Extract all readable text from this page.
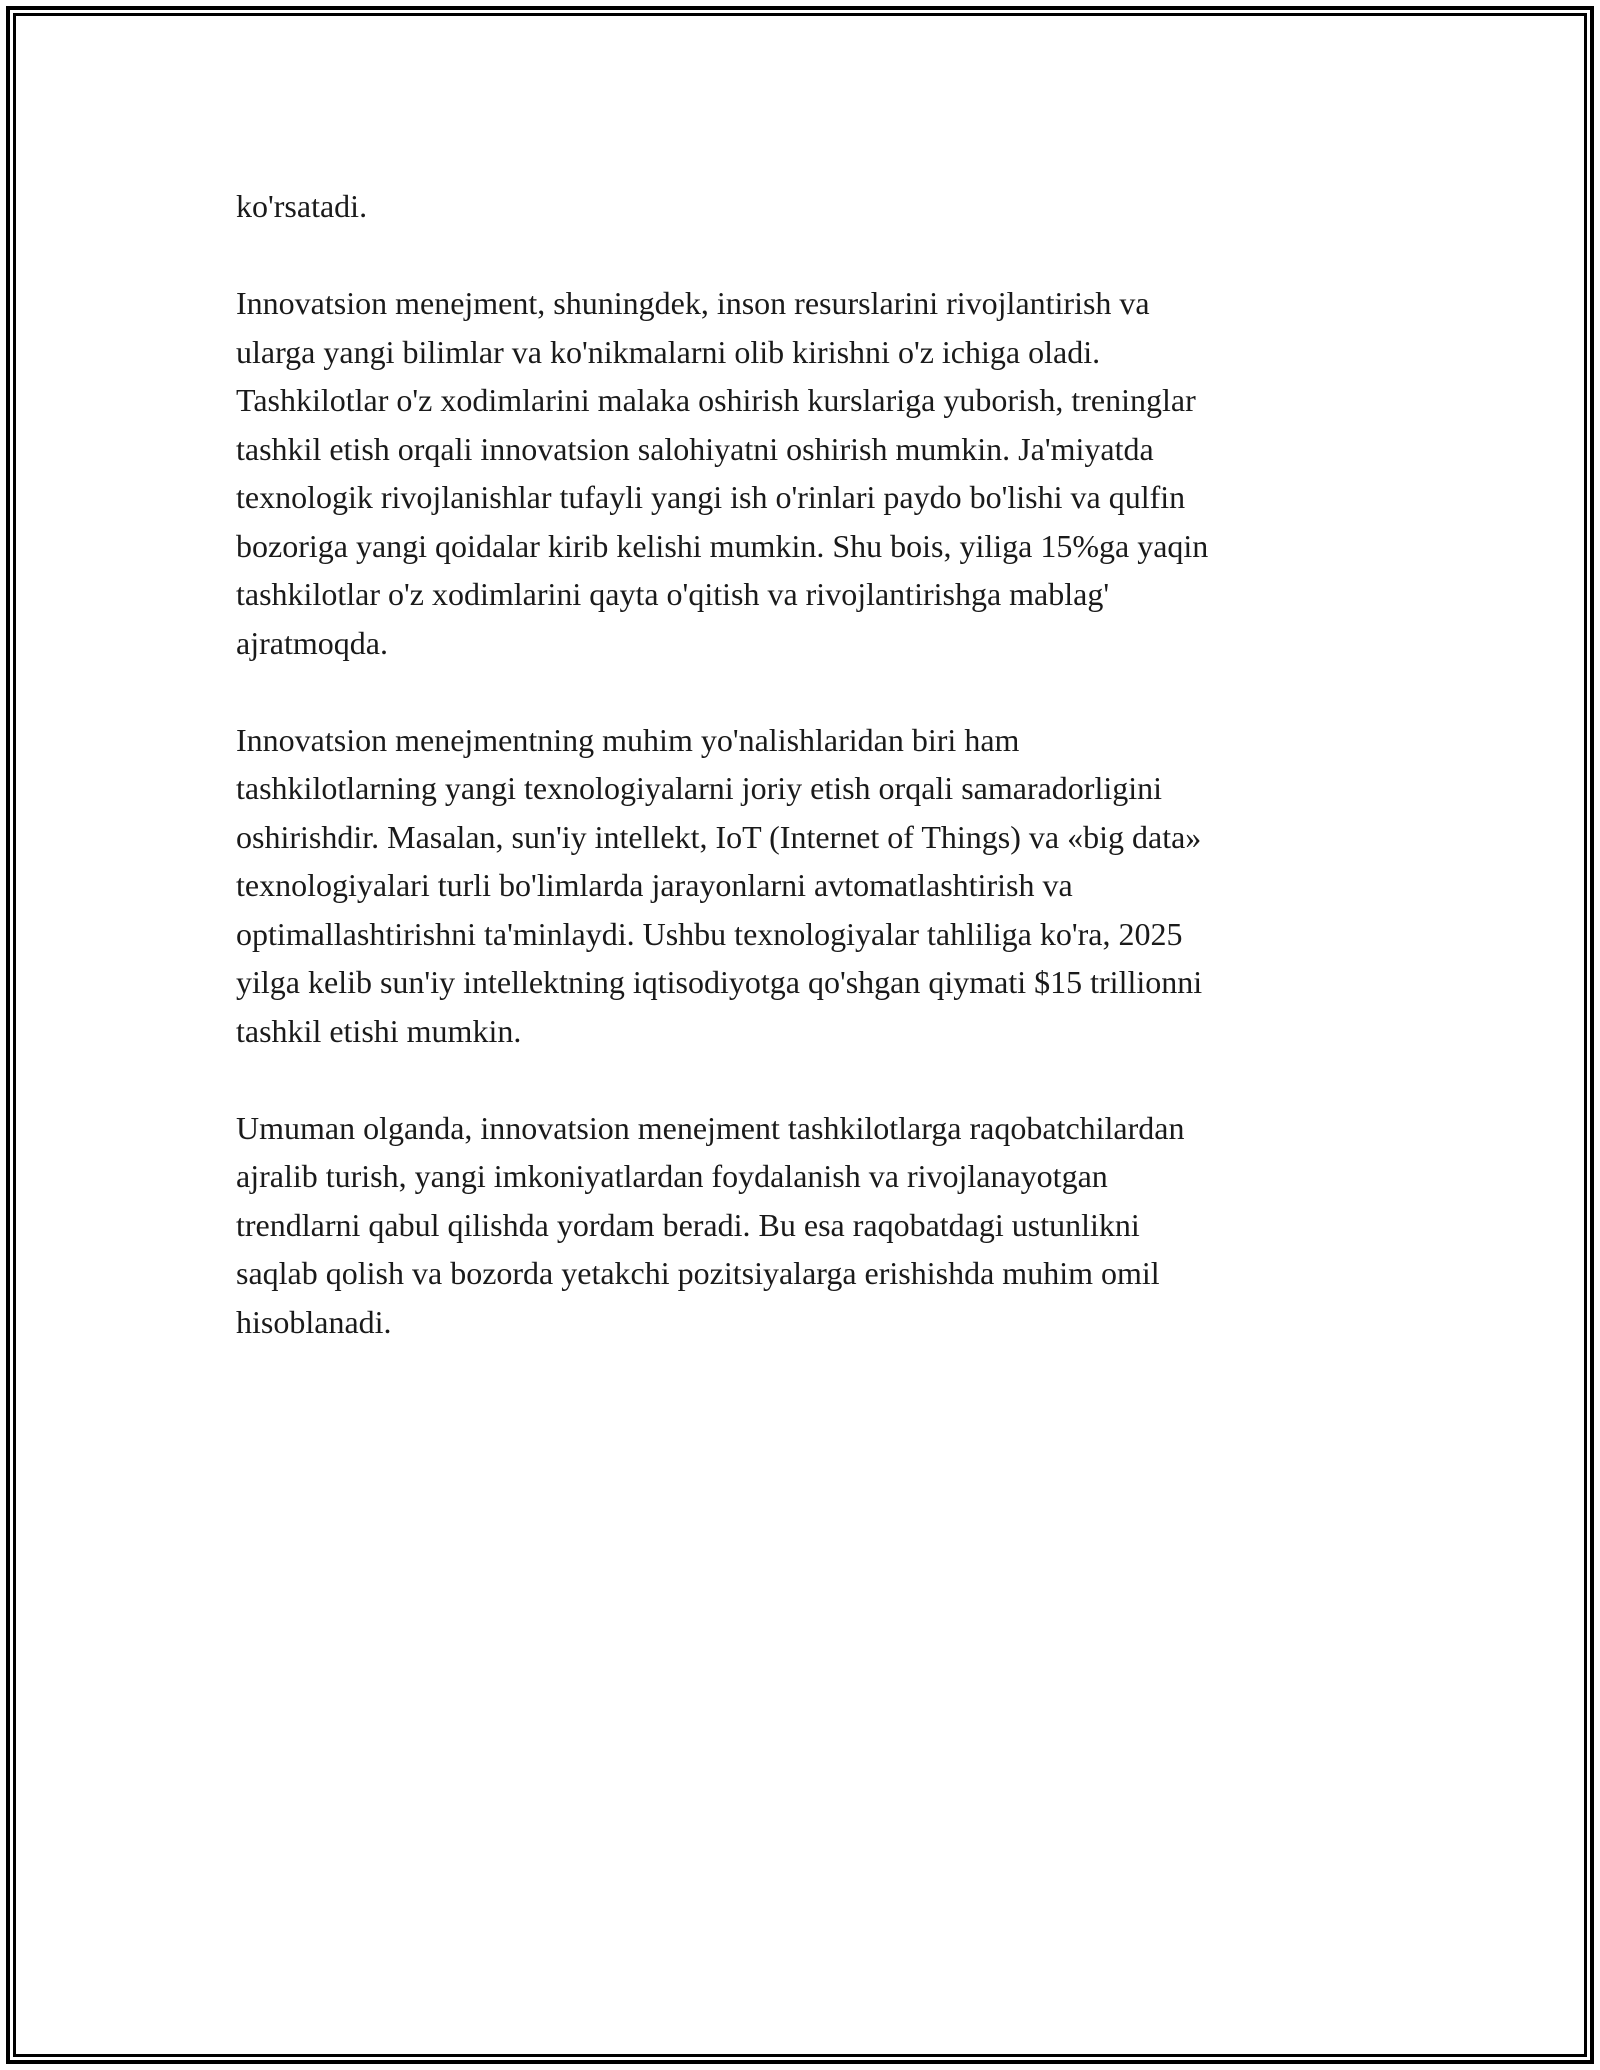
ko'rsatadi.
Innovatsion menejment, shuningdek, inson resurslarini rivojlantirish va
ularga yangi bilimlar va ko'nikmalarni olib kirishni o'z ichiga oladi.
Tashkilotlar o'z xodimlarini malaka oshirish kurslariga yuborish, treninglar
tashkil etish orqali innovatsion salohiyatni oshirish mumkin. Ja'miyatda
texnologik rivojlanishlar tufayli yangi ish o'rinlari paydo bo'lishi va qulfin
bozoriga yangi qoidalar kirib kelishi mumkin. Shu bois, yiliga 15%ga yaqin
tashkilotlar o'z xodimlarini qayta o'qitish va rivojlantirishga mablag'
ajratmoqda.
Innovatsion menejmentning muhim yo'nalishlaridan biri ham
tashkilotlarning yangi texnologiyalarni joriy etish orqali samaradorligini
oshirishdir. Masalan, sun'iy intellekt, IoT (Internet of Things) va «big data»
texnologiyalari turli bo'limlarda jarayonlarni avtomatlashtirish va
optimallashtirishni ta'minlaydi. Ushbu texnologiyalar tahliliga ko'ra, 2025
yilga kelib sun'iy intellektning iqtisodiyotga qo'shgan qiymati $15 trillionni
tashkil etishi mumkin.
Umuman olganda, innovatsion menejment tashkilotlarga raqobatchilardan
ajralib turish, yangi imkoniyatlardan foydalanish va rivojlanayotgan
trendlarni qabul qilishda yordam beradi. Bu esa raqobatdagi ustunlikni
saqlab qolish va bozorda yetakchi pozitsiyalarga erishishda muhim omil
hisoblanadi.
